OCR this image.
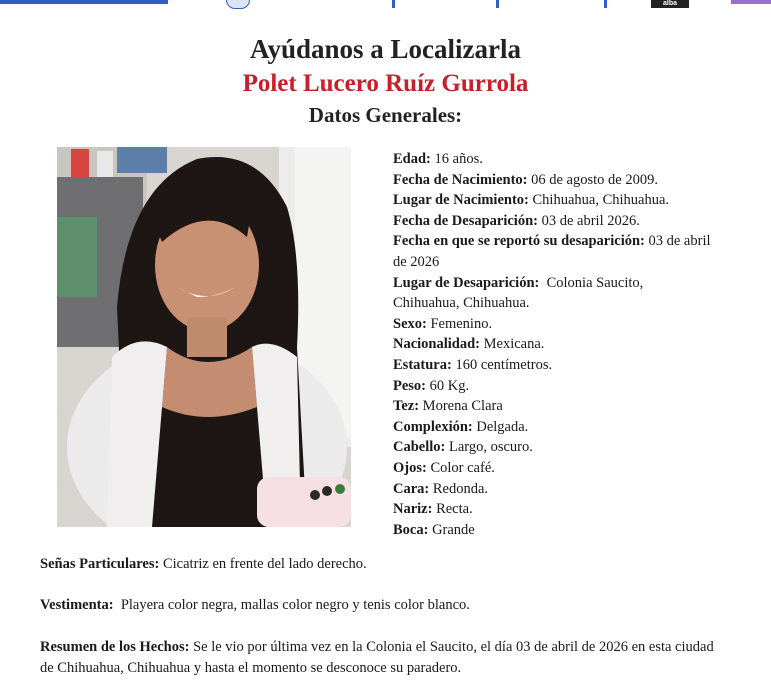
alba
Ayúdanos a Localizarla
Polet Lucero Ruíz Gurrola
Datos Generales:

Edad: 16 años.

Fecha de Nacimiento: 06 de agosto de 2009.

Lugar de Nacimiento: Chihuahua, Chihuahua.

Fecha de Desaparición: 03 de abril 2026.

Fecha en que se reportó su desaparición: 03 de abril de 2026

Lugar de Desaparición: Colonia Saucito, Chihuahua, Chihuahua.

Sexo: Femenino.

Nacionalidad: Mexicana.

Estatura: 160 centímetros.

Peso: 60 Kg.

Tez: Morena Clara

Complexión: Delgada.

Cabello: Largo, oscuro.

Ojos: Color café.

Cara: Redonda.

Nariz: Recta.

Boca: Grande

Señas Particulares: Cicatriz en frente del lado derecho.
Vestimenta: Playera color negra, mallas color negro y tenis color blanco.
Resumen de los Hechos: Se le vio por última vez en la Colonia el Saucito, el día 03 de abril de 2026 en esta ciudad de Chihuahua, Chihuahua y hasta el momento se desconoce su paradero.
